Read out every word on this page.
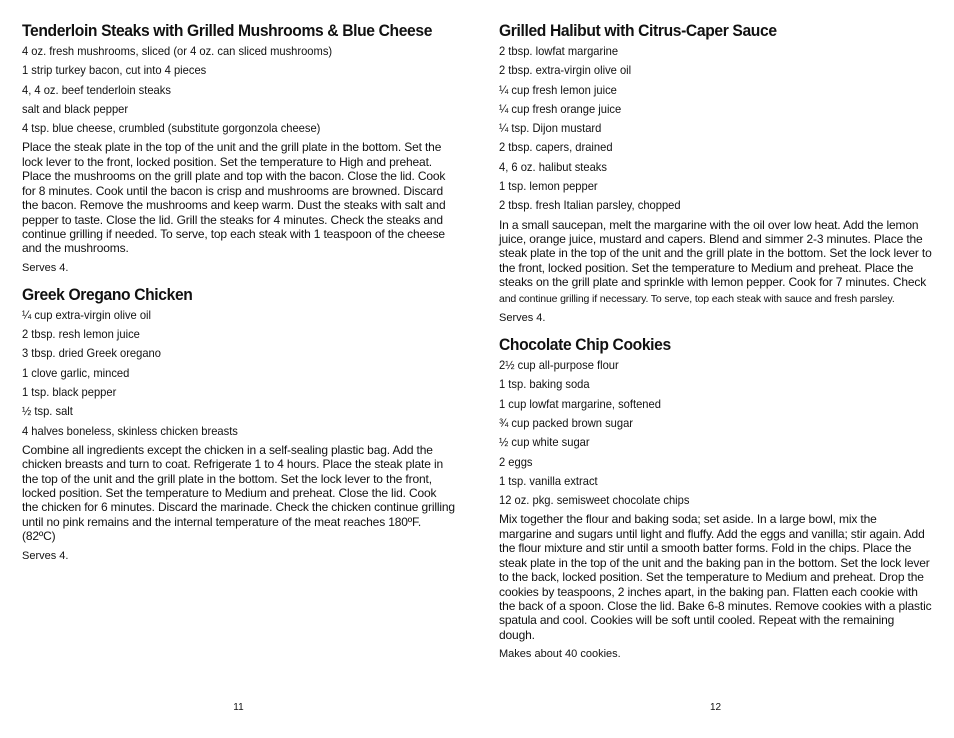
Tenderloin Steaks with Grilled Mushrooms & Blue Cheese
4 oz. fresh mushrooms, sliced (or 4 oz. can sliced mushrooms)
1 strip turkey bacon, cut into 4 pieces
4, 4 oz. beef tenderloin steaks
salt and black pepper
4 tsp. blue cheese, crumbled (substitute gorgonzola cheese)

Place the steak plate in the top of the unit and the grill plate in the bottom. Set the lock lever to the front, locked position. Set the temperature to High and preheat. Place the mushrooms on the grill plate and top with the bacon. Close the lid. Cook for 8 minutes. Cook until the bacon is crisp and mushrooms are browned. Discard the bacon. Remove the mushrooms and keep warm. Dust the steaks with salt and pepper to taste. Close the lid. Grill the steaks for 4 minutes. Check the steaks and continue grilling if needed. To serve, top each steak with 1 teaspoon of the cheese and the mushrooms.

Serves 4.

Greek Oregano Chicken
¼ cup extra-virgin olive oil
2 tbsp. resh lemon juice
3 tbsp. dried Greek oregano
1 clove garlic, minced
1 tsp. black pepper
½ tsp. salt
4 halves boneless, skinless chicken breasts

Combine all ingredients except the chicken in a self-sealing plastic bag. Add the chicken breasts and turn to coat. Refrigerate 1 to 4 hours. Place the steak plate in the top of the unit and the grill plate in the bottom. Set the lock lever to the front, locked position. Set the temperature to Medium and preheat. Close the lid. Cook the chicken for 6 minutes. Discard the marinade. Check the chicken continue grilling until no pink remains and the internal temperature of the meat reaches 180ºF. (82ºC)

Serves 4.

11
Grilled Halibut with Citrus-Caper Sauce
2 tbsp. lowfat margarine
2 tbsp. extra-virgin olive oil
¼ cup fresh lemon juice
¼ cup fresh orange juice
¼ tsp. Dijon mustard
2 tbsp. capers, drained
4, 6 oz. halibut steaks
1 tsp. lemon pepper
2 tbsp. fresh Italian parsley, chopped

In a small saucepan, melt the margarine with the oil over low heat. Add the lemon juice, orange juice, mustard and capers. Blend and simmer 2-3 minutes. Place the steak plate in the top of the unit and the grill plate in the bottom. Set the lock lever to the front, locked position. Set the temperature to Medium and preheat. Place the steaks on the grill plate and sprinkle with lemon pepper. Cook for 7 minutes. Check and continue grilling if necessary. To serve, top each steak with sauce and fresh parsley.

Serves 4.

Chocolate Chip Cookies
2½ cup all-purpose flour
1 tsp. baking soda
1 cup lowfat margarine, softened
¾ cup packed brown sugar
½ cup white sugar
2 eggs
1 tsp. vanilla extract
12 oz. pkg. semisweet chocolate chips

Mix together the flour and baking soda; set aside. In a large bowl, mix the margarine and sugars until light and fluffy. Add the eggs and vanilla; stir again. Add the flour mixture and stir until a smooth batter forms. Fold in the chips. Place the steak plate in the top of the unit and the baking pan in the bottom. Set the lock lever to the back, locked position. Set the temperature to Medium and preheat. Drop the cookies by teaspoons, 2 inches apart, in the baking pan. Flatten each cookie with the back of a spoon. Close the lid. Bake 6-8 minutes. Remove cookies with a plastic spatula and cool. Cookies will be soft until cooled. Repeat with the remaining dough.

Makes about 40 cookies.

12
